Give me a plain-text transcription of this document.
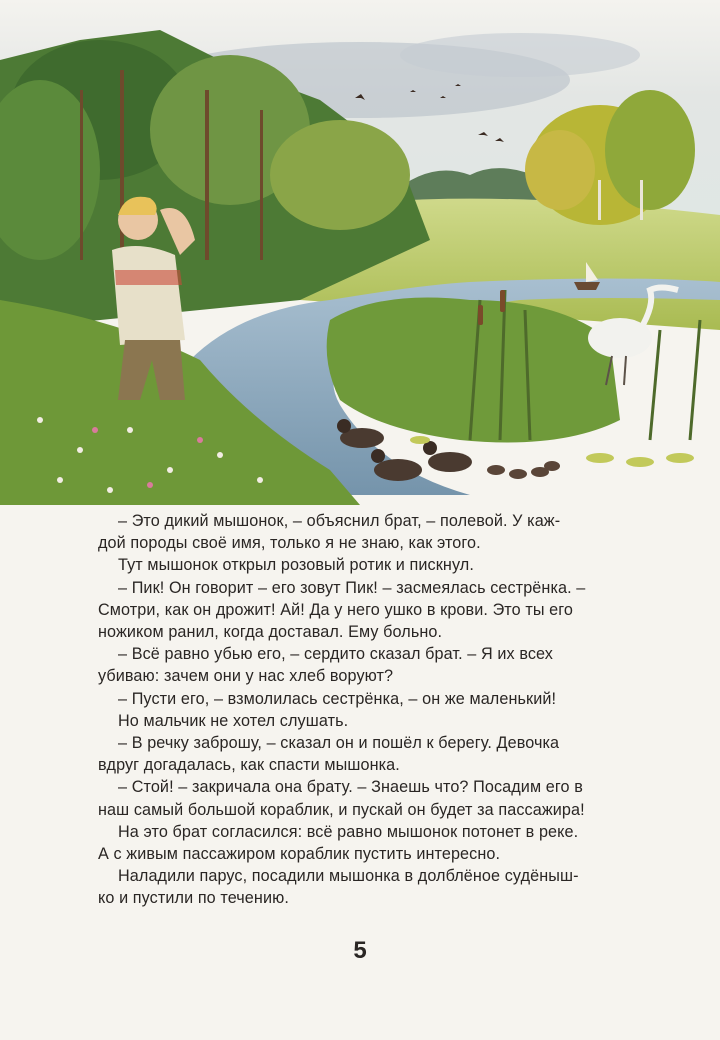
– Это дикий мышонок, – объяснил брат, – полевой. У каж-

дой породы своё имя, только я не знаю, как этого.

Тут мышонок открыл розовый ротик и пискнул.

– Пик! Он говорит – его зовут Пик! – засмеялась сестрёнка. –

Смотри, как он дрожит! Ай! Да у него ушко в крови. Это ты его

ножиком ранил, когда доставал. Ему больно.

– Всё равно убью его, – сердито сказал брат. – Я их всех

убиваю: зачем они у нас хлеб воруют?

– Пусти его, – взмолилась сестрёнка, – он же маленький!

Но мальчик не хотел слушать.

– В речку заброшу, – сказал он и пошёл к берегу. Девочка

вдруг догадалась, как спасти мышонка.

– Стой! – закричала она брату. – Знаешь что? Посадим его в

наш самый большой кораблик, и пускай он будет за пассажира!

На это брат согласился: всё равно мышонок потонет в реке.

А с живым пассажиром кораблик пустить интересно.

Наладили парус, посадили мышонка в долблёное судёныш-

ко и пустили по течению.

5
